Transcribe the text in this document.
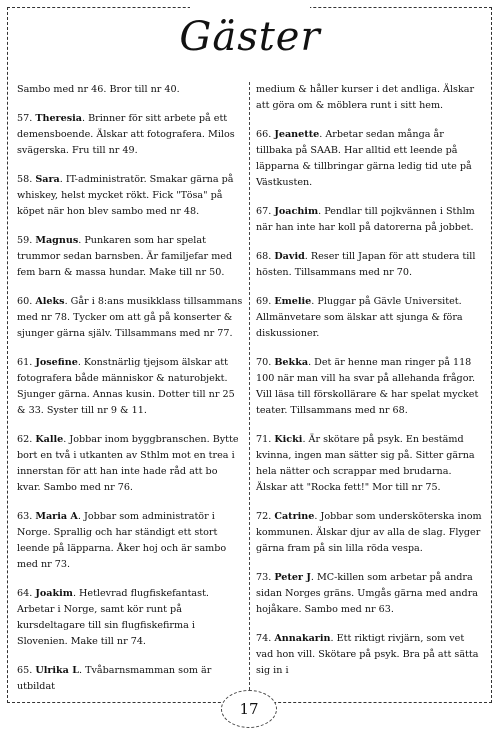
Gäster
Sambo med nr 46. Bror till nr 40.
57. Theresia. Brinner för sitt arbete på ett demensboende. Älskar att fotografera. Milos svägerska. Fru till nr 49.
58. Sara. IT-administratör. Smakar gärna på whiskey, helst mycket rökt. Fick "Tösa" på köpet när hon blev sambo med nr 48.
59. Magnus. Punkaren som har spelat trummor sedan barnsben. Är familjefar med fem barn & massa hundar. Make till nr 50.
60. Aleks. Går i 8:ans musikklass tillsammans med nr 78. Tycker om att gå på konserter & sjunger gärna själv. Tillsammans med nr 77.
61. Josefine. Konstnärlig tjejsom älskar att fotografera både människor & naturobjekt. Sjunger gärna. Annas kusin. Dotter till nr 25 & 33. Syster till nr 9 & 11.
62. Kalle. Jobbar inom byggbranschen. Bytte bort en två i utkanten av Sthlm mot en trea i innerstan för att han inte hade råd att bo kvar. Sambo med nr 76.
63. Maria A. Jobbar som administratör i Norge. Sprallig och har ständigt ett stort leende på läpparna. Åker hoj och är sambo med nr 73.
64. Joakim. Hetlevrad flugfiskefantast. Arbetar i Norge, samt kör runt på kursdeltagare till sin flugfiskefirma i Slovenien. Make till nr 74.
65. Ulrika L. Tvåbarnsmamman som är utbildat
medium & håller kurser i det andliga. Älskar att göra om & möblera runt i sitt hem.
66. Jeanette. Arbetar sedan många år tillbaka på SAAB. Har alltid ett leende på läpparna & tillbringar gärna ledig tid ute på Västkusten.
67. Joachim. Pendlar till pojkvännen i Sthlm när han inte har koll på datorerna på jobbet.
68. David. Reser till Japan för att studera till hösten. Tillsammans med nr 70.
69. Emelie. Pluggar på Gävle Universitet. Allmänvetare som älskar att sjunga & föra diskussioner.
70. Bekka. Det är henne man ringer på 118 100 när man vill ha svar på allehanda frågor. Vill läsa till förskollärare & har spelat mycket teater. Tillsammans med nr 68.
71. Kicki. Är skötare på psyk. En bestämd kvinna, ingen man sätter sig på. Sitter gärna hela nätter och scrappar med brudarna. Älskar att "Rocka fett!" Mor till nr 75.
72. Catrine. Jobbar som undersköterska inom kommunen. Älskar djur av alla de slag. Flyger gärna fram på sin lilla röda vespa.
73. Peter J. MC-killen som arbetar på andra sidan Norges gräns. Umgås gärna med andra hojåkare. Sambo med nr 63.
74. Annakarin. Ett riktigt rivjärn, som vet vad hon vill. Skötare på psyk. Bra på att sätta sig in i
17
